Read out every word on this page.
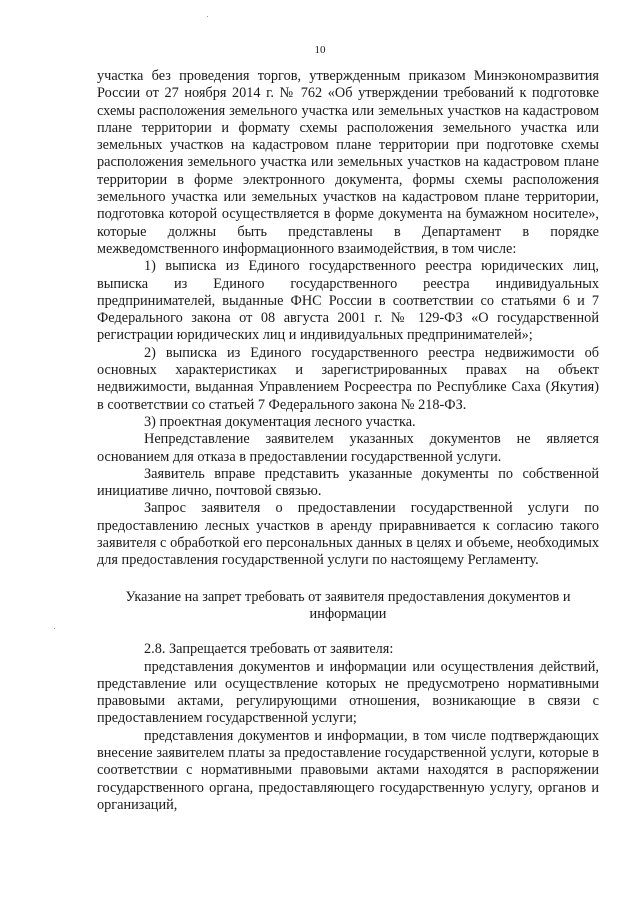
10

участка без проведения торгов, утвержденным приказом Минэкономразвития России от 27 ноября 2014 г. № 762 «Об утверждении требований к подготовке схемы расположения земельного участка или земельных участков на кадастровом плане территории и формату схемы расположения земельного участка или земельных участков на кадастровом плане территории при подготовке схемы расположения земельного участка или земельных участков на кадастровом плане территории в форме электронного документа, формы схемы расположения земельного участка или земельных участков на кадастровом плане территории, подготовка которой осуществляется в форме документа на бумажном носителе», которые должны быть представлены в Департамент в порядке межведомственного информационного взаимодействия, в том числе:

1) выписка из Единого государственного реестра юридических лиц, выписка из Единого государственного реестра индивидуальных предпринимателей, выданные ФНС России в соответствии со статьями 6 и 7 Федерального закона от 08 августа 2001 г. № 129-ФЗ «О государственной регистрации юридических лиц и индивидуальных предпринимателей»;

2) выписка из Единого государственного реестра недвижимости об основных характеристиках и зарегистрированных правах на объект недвижимости, выданная Управлением Росреестра по Республике Саха (Якутия) в соответствии со статьей 7 Федерального закона № 218-ФЗ.

3) проектная документация лесного участка.

Непредставление заявителем указанных документов не является основанием для отказа в предоставлении государственной услуги.

Заявитель вправе представить указанные документы по собственной инициативе лично, почтовой связью.

Запрос заявителя о предоставлении государственной услуги по предоставлению лесных участков в аренду приравнивается к согласию такого заявителя с обработкой его персональных данных в целях и объеме, необходимых для предоставления государственной услуги по настоящему Регламенту.

Указание на запрет требовать от заявителя предоставления документов и информации

2.8. Запрещается требовать от заявителя:

представления документов и информации или осуществления действий, представление или осуществление которых не предусмотрено нормативными правовыми актами, регулирующими отношения, возникающие в связи с предоставлением государственной услуги;

представления документов и информации, в том числе подтверждающих внесение заявителем платы за предоставление государственной услуги, которые в соответствии с нормативными правовыми актами находятся в распоряжении государственного органа, предоставляющего государственную услугу, органов и организаций,
